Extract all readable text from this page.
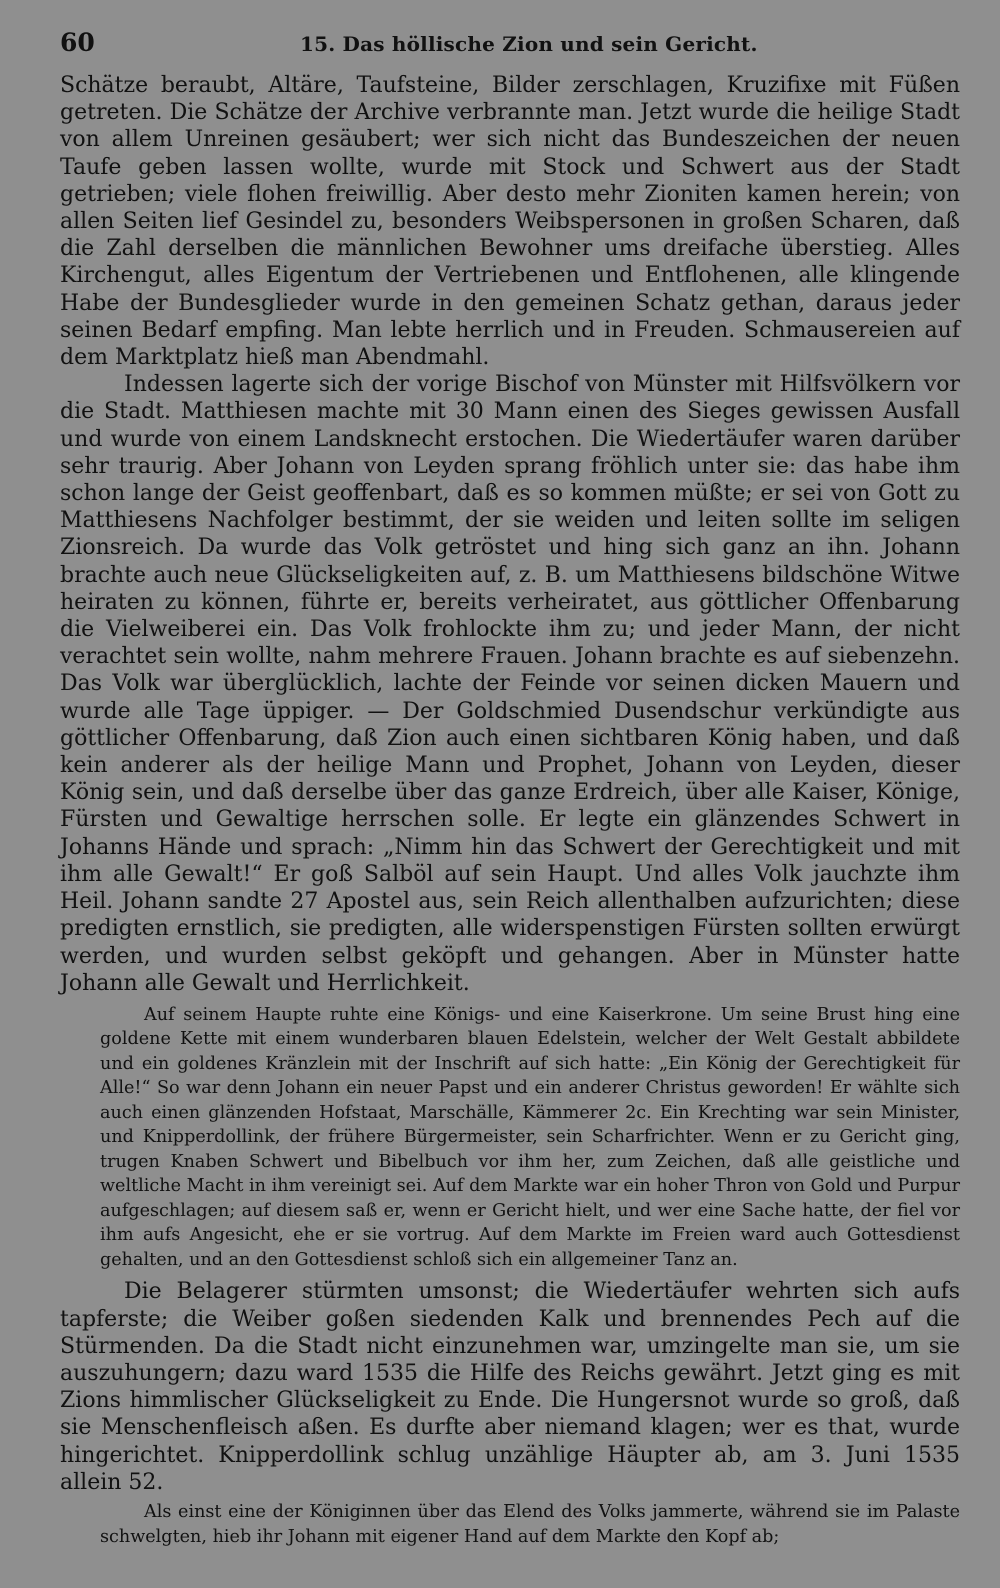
60	15. Das höllische Zion und sein Gericht.

Schätze beraubt, Altäre, Taufsteine, Bilder zerschlagen, Kruzifixe mit Füßen getreten. Die Schätze der Archive verbrannte man. Jetzt wurde die heilige Stadt von allem Unreinen gesäubert; wer sich nicht das Bundeszeichen der neuen Taufe geben lassen wollte, wurde mit Stock und Schwert aus der Stadt getrieben; viele flohen freiwillig. Aber desto mehr Zioniten kamen herein; von allen Seiten lief Gesindel zu, besonders Weibspersonen in großen Scharen, daß die Zahl derselben die männlichen Bewohner ums dreifache überstieg. Alles Kirchengut, alles Eigentum der Vertriebenen und Entflohenen, alle klingende Habe der Bundesglieder wurde in den gemeinen Schatz gethan, daraus jeder seinen Bedarf empfing. Man lebte herrlich und in Freuden. Schmausereien auf dem Marktplatz hieß man Abendmahl.

Indessen lagerte sich der vorige Bischof von Münster mit Hilfsvölkern vor die Stadt. Matthiesen machte mit 30 Mann einen des Sieges gewissen Ausfall und wurde von einem Landsknecht erstochen. Die Wiedertäufer waren darüber sehr traurig. Aber Johann von Leyden sprang fröhlich unter sie: das habe ihm schon lange der Geist geoffenbart, daß es so kommen müßte; er sei von Gott zu Matthiesens Nachfolger bestimmt, der sie weiden und leiten sollte im seligen Zionsreich. Da wurde das Volk getröstet und hing sich ganz an ihn. Johann brachte auch neue Glückseligkeiten auf, z. B. um Matthiesens bildschöne Witwe heiraten zu können, führte er, bereits verheiratet, aus göttlicher Offenbarung die Vielweiberei ein. Das Volk frohlockte ihm zu; und jeder Mann, der nicht verachtet sein wollte, nahm mehrere Frauen. Johann brachte es auf siebenzehn. Das Volk war überglücklich, lachte der Feinde vor seinen dicken Mauern und wurde alle Tage üppiger. — Der Goldschmied Dusendschur verkündigte aus göttlicher Offenbarung, daß Zion auch einen sichtbaren König haben, und daß kein anderer als der heilige Mann und Prophet, Johann von Leyden, dieser König sein, und daß derselbe über das ganze Erdreich, über alle Kaiser, Könige, Fürsten und Gewaltige herrschen solle. Er legte ein glänzendes Schwert in Johanns Hände und sprach: „Nimm hin das Schwert der Gerechtigkeit und mit ihm alle Gewalt!“ Er goß Salböl auf sein Haupt. Und alles Volk jauchzte ihm Heil. Johann sandte 27 Apostel aus, sein Reich allenthalben aufzurichten; diese predigten ernstlich, sie predigten, alle widerspenstigen Fürsten sollten erwürgt werden, und wurden selbst geköpft und gehangen. Aber in Münster hatte Johann alle Gewalt und Herrlichkeit.

Auf seinem Haupte ruhte eine Königs- und eine Kaiserkrone. Um seine Brust hing eine goldene Kette mit einem wunderbaren blauen Edelstein, welcher der Welt Gestalt abbildete und ein goldenes Kränzlein mit der Inschrift auf sich hatte: „Ein König der Gerechtigkeit für Alle!“ So war denn Johann ein neuer Papst und ein anderer Christus geworden! Er wählte sich auch einen glänzenden Hofstaat, Marschälle, Kämmerer 2c. Ein Krechting war sein Minister, und Knipperdollink, der frühere Bürgermeister, sein Scharfrichter. Wenn er zu Gericht ging, trugen Knaben Schwert und Bibelbuch vor ihm her, zum Zeichen, daß alle geistliche und weltliche Macht in ihm vereinigt sei. Auf dem Markte war ein hoher Thron von Gold und Purpur aufgeschlagen; auf diesem saß er, wenn er Gericht hielt, und wer eine Sache hatte, der fiel vor ihm aufs Angesicht, ehe er sie vortrug. Auf dem Markte im Freien ward auch Gottesdienst gehalten, und an den Gottesdienst schloß sich ein allgemeiner Tanz an.

Die Belagerer stürmten umsonst; die Wiedertäufer wehrten sich aufs tapferste; die Weiber goßen siedenden Kalk und brennendes Pech auf die Stürmenden. Da die Stadt nicht einzunehmen war, umzingelte man sie, um sie auszuhungern; dazu ward 1535 die Hilfe des Reichs gewährt. Jetzt ging es mit Zions himmlischer Glückseligkeit zu Ende. Die Hungersnot wurde so groß, daß sie Menschenfleisch aßen. Es durfte aber niemand klagen; wer es that, wurde hingerichtet. Knipperdollink schlug unzählige Häupter ab, am 3. Juni 1535 allein 52.

Als einst eine der Königinnen über das Elend des Volks jammerte, während sie im Palaste schwelgten, hieb ihr Johann mit eigener Hand auf dem Markte den Kopf ab;
